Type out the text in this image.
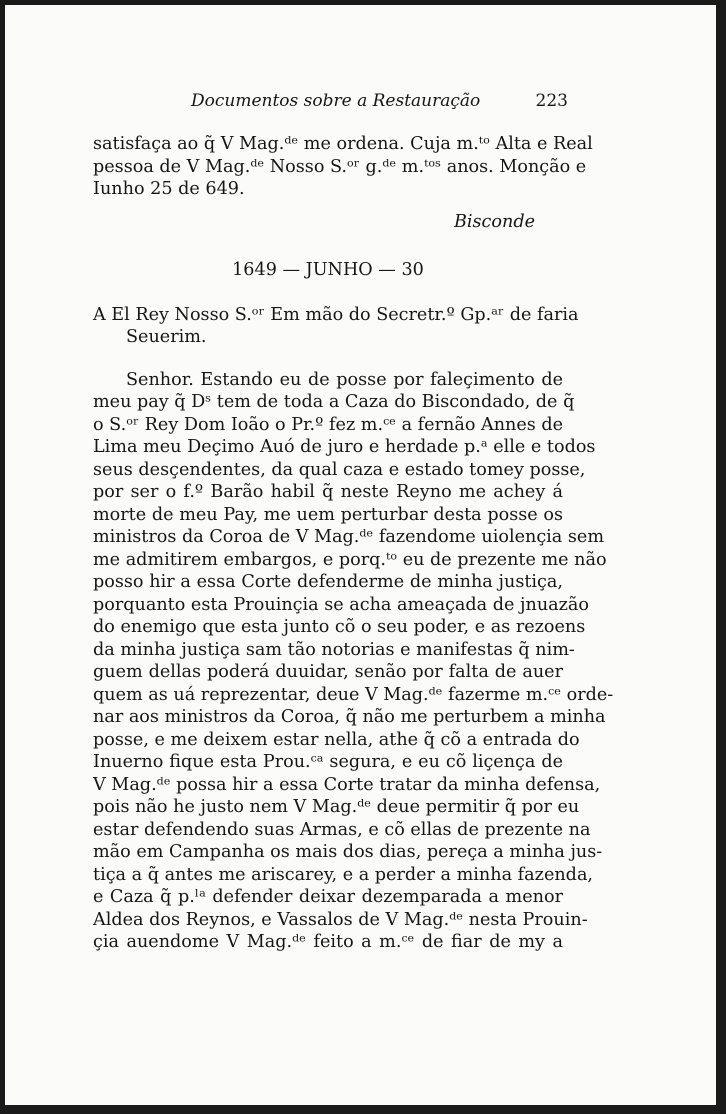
Documentos sobre a Restauração	223
satisfaça ao q̃ V Mag.ᵈᵉ me ordena. Cuja m.ᵗᵒ Alta e Real
pessoa de V Mag.ᵈᵉ Nosso S.ᵒʳ g.ᵈᵉ m.ᵗᵒˢ anos. Monção e
Iunho 25 de 649.
Bisconde
1649 — JUNHO — 30
A El Rey Nosso S.ᵒʳ Em mão do Secretr.º Gp.ᵃʳ de faria
Seuerim.
Senhor. Estando eu de posse por faleçimento de
meu pay q̃ Dˢ tem de toda a Caza do Biscondado, de q̃
o S.ᵒʳ Rey Dom Ioão o Pr.º fez m.ᶜᵉ a fernão Annes de
Lima meu Deçimo Auó de juro e herdade p.ᵃ elle e todos
seus desçendentes, da qual caza e estado tomey posse,
por ser o f.º Barão habil q̃ neste Reyno me achey á
morte de meu Pay, me uem perturbar desta posse os
ministros da Coroa de V Mag.ᵈᵉ fazendome uiolençia sem
me admitirem embargos, e porq.ᵗᵒ eu de prezente me não
posso hir a essa Corte defenderme de minha justiça,
porquanto esta Prouinçia se acha ameaçada de jnuazão
do enemigo que esta junto cõ o seu poder, e as rezoens
da minha justiça sam tão notorias e manifestas q̃ nim-
guem dellas poderá duuidar, senão por falta de auer
quem as uá reprezentar, deue V Mag.ᵈᵉ fazerme m.ᶜᵉ orde-
nar aos ministros da Coroa, q̃ não me perturbem a minha
posse, e me deixem estar nella, athe q̃ cõ a entrada do
Inuerno fique esta Prou.ᶜᵃ segura, e eu cõ liçença de
V Mag.ᵈᵉ possa hir a essa Corte tratar da minha defensa,
pois não he justo nem V Mag.ᵈᵉ deue permitir q̃ por eu
estar defendendo suas Armas, e cõ ellas de prezente na
mão em Campanha os mais dos dias, pereça a minha jus-
tiça a q̃ antes me ariscarey, e a perder a minha fazenda,
e Caza q̃ p.ˡᵃ defender deixar dezemparada a menor
Aldea dos Reynos, e Vassalos de V Mag.ᵈᵉ nesta Prouin-
çia auendome V Mag.ᵈᵉ feito a m.ᶜᵉ de fiar de my a
